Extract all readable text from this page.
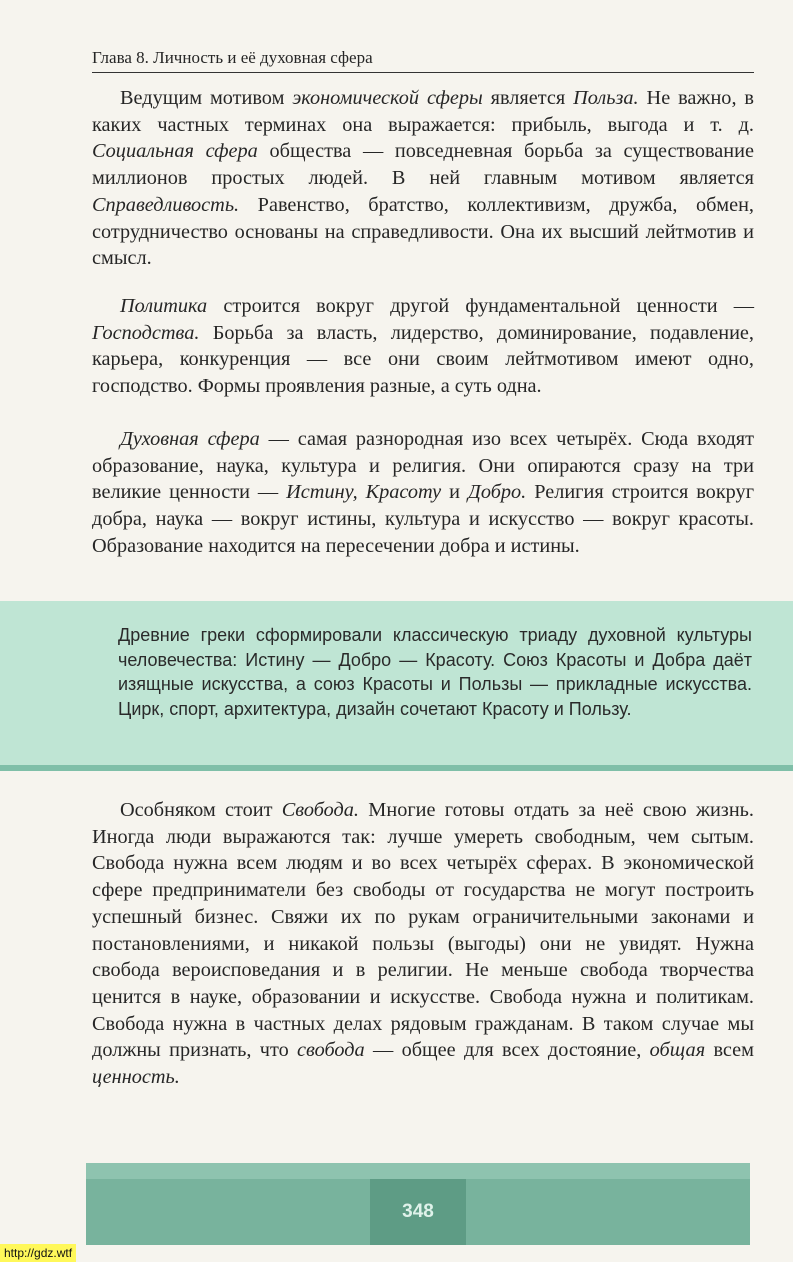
Глава 8. Личность и её духовная сфера

Ведущим мотивом экономической сферы является Польза. Не важно, в каких частных терминах она выражается: прибыль, выгода и т. д. Социальная сфера общества — повседневная борьба за существование миллионов простых людей. В ней главным мотивом является Справедливость. Равенство, братство, коллективизм, дружба, обмен, сотрудничество основаны на справедливости. Она их высший лейтмотив и смысл.

Политика строится вокруг другой фундаментальной ценности — Господства. Борьба за власть, лидерство, доминирование, подавление, карьера, конкуренция — все они своим лейтмотивом имеют одно, господство. Формы проявления разные, а суть одна.

Духовная сфера — самая разнородная изо всех четырёх. Сюда входят образование, наука, культура и религия. Они опираются сразу на три великие ценности — Истину, Красоту и Добро. Религия строится вокруг добра, наука — вокруг истины, культура и искусство — вокруг красоты. Образование находится на пересечении добра и истины.

Древние греки сформировали классическую триаду духовной культуры человечества: Истину — Добро — Красоту. Союз Красоты и Добра даёт изящные искусства, а союз Красоты и Пользы — прикладные искусства. Цирк, спорт, архитектура, дизайн сочетают Красоту и Пользу.

Особняком стоит Свобода. Многие готовы отдать за неё свою жизнь. Иногда люди выражаются так: лучше умереть свободным, чем сытым. Свобода нужна всем людям и во всех четырёх сферах. В экономической сфере предприниматели без свободы от государства не могут построить успешный бизнес. Свяжи их по рукам ограничительными законами и постановлениями, и никакой пользы (выгоды) они не увидят. Нужна свобода вероисповедания и в религии. Не меньше свобода творчества ценится в науке, образовании и искусстве. Свобода нужна и политикам. Свобода нужна в частных делах рядовым гражданам. В таком случае мы должны признать, что свобода — общее для всех достояние, общая всем ценность.

348
http://gdz.wtf
